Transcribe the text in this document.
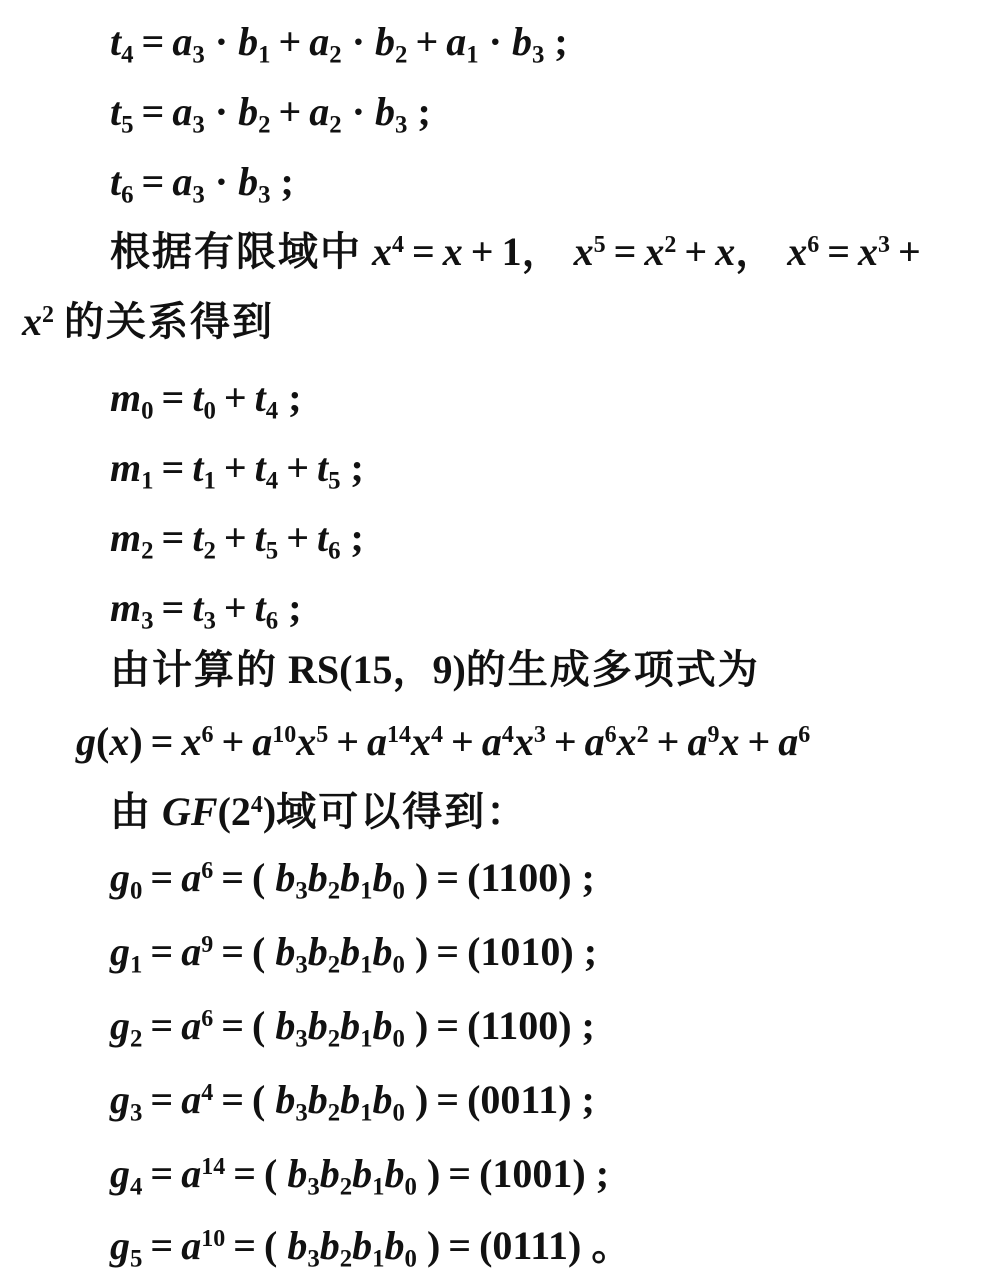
$t_4 = a_3 \cdot b_1 + a_2 \cdot b_2 + a_1 \cdot b_3$ ;
$t_5 = a_3 \cdot b_2 + a_2 \cdot b_3$ ;
$t_6 = a_3 \cdot b_3$ ;
根据有限域中 $x^4 = x + 1$， $x^5 = x^2 + x$， $x^6 = x^3$ +
$x^2$ 的关系得到
$m_0 = t_0 + t_4$ ;
$m_1 = t_1 + t_4 + t_5$ ;
$m_2 = t_2 + t_5 + t_6$ ;
$m_3 = t_3 + t_6$ ;
由计算的 RS(15，9)的生成多项式为
$g(x) = x^6 + a^{10}x^5 + a^{14}x^4 + a^4x^3 + a^6x^2 + a^9x + a^6$
由 $GF(2^4)$域可以得到：
$g_0 = a^6$ = ( $b_3b_2b_1b_0$ ) = (1100) ;
$g_1 = a^9$ = ( $b_3b_2b_1b_0$ ) = (1010) ;
$g_2 = a^6$ = ( $b_3b_2b_1b_0$ ) = (1100) ;
$g_3 = a^4$ = ( $b_3b_2b_1b_0$ ) = (0011) ;
$g_4 = a^{14}$ = ( $b_3b_2b_1b_0$ ) = (1001) ;
$g_5 = a^{10}$ = ( $b_3b_2b_1b_0$ ) = (0111) 。
